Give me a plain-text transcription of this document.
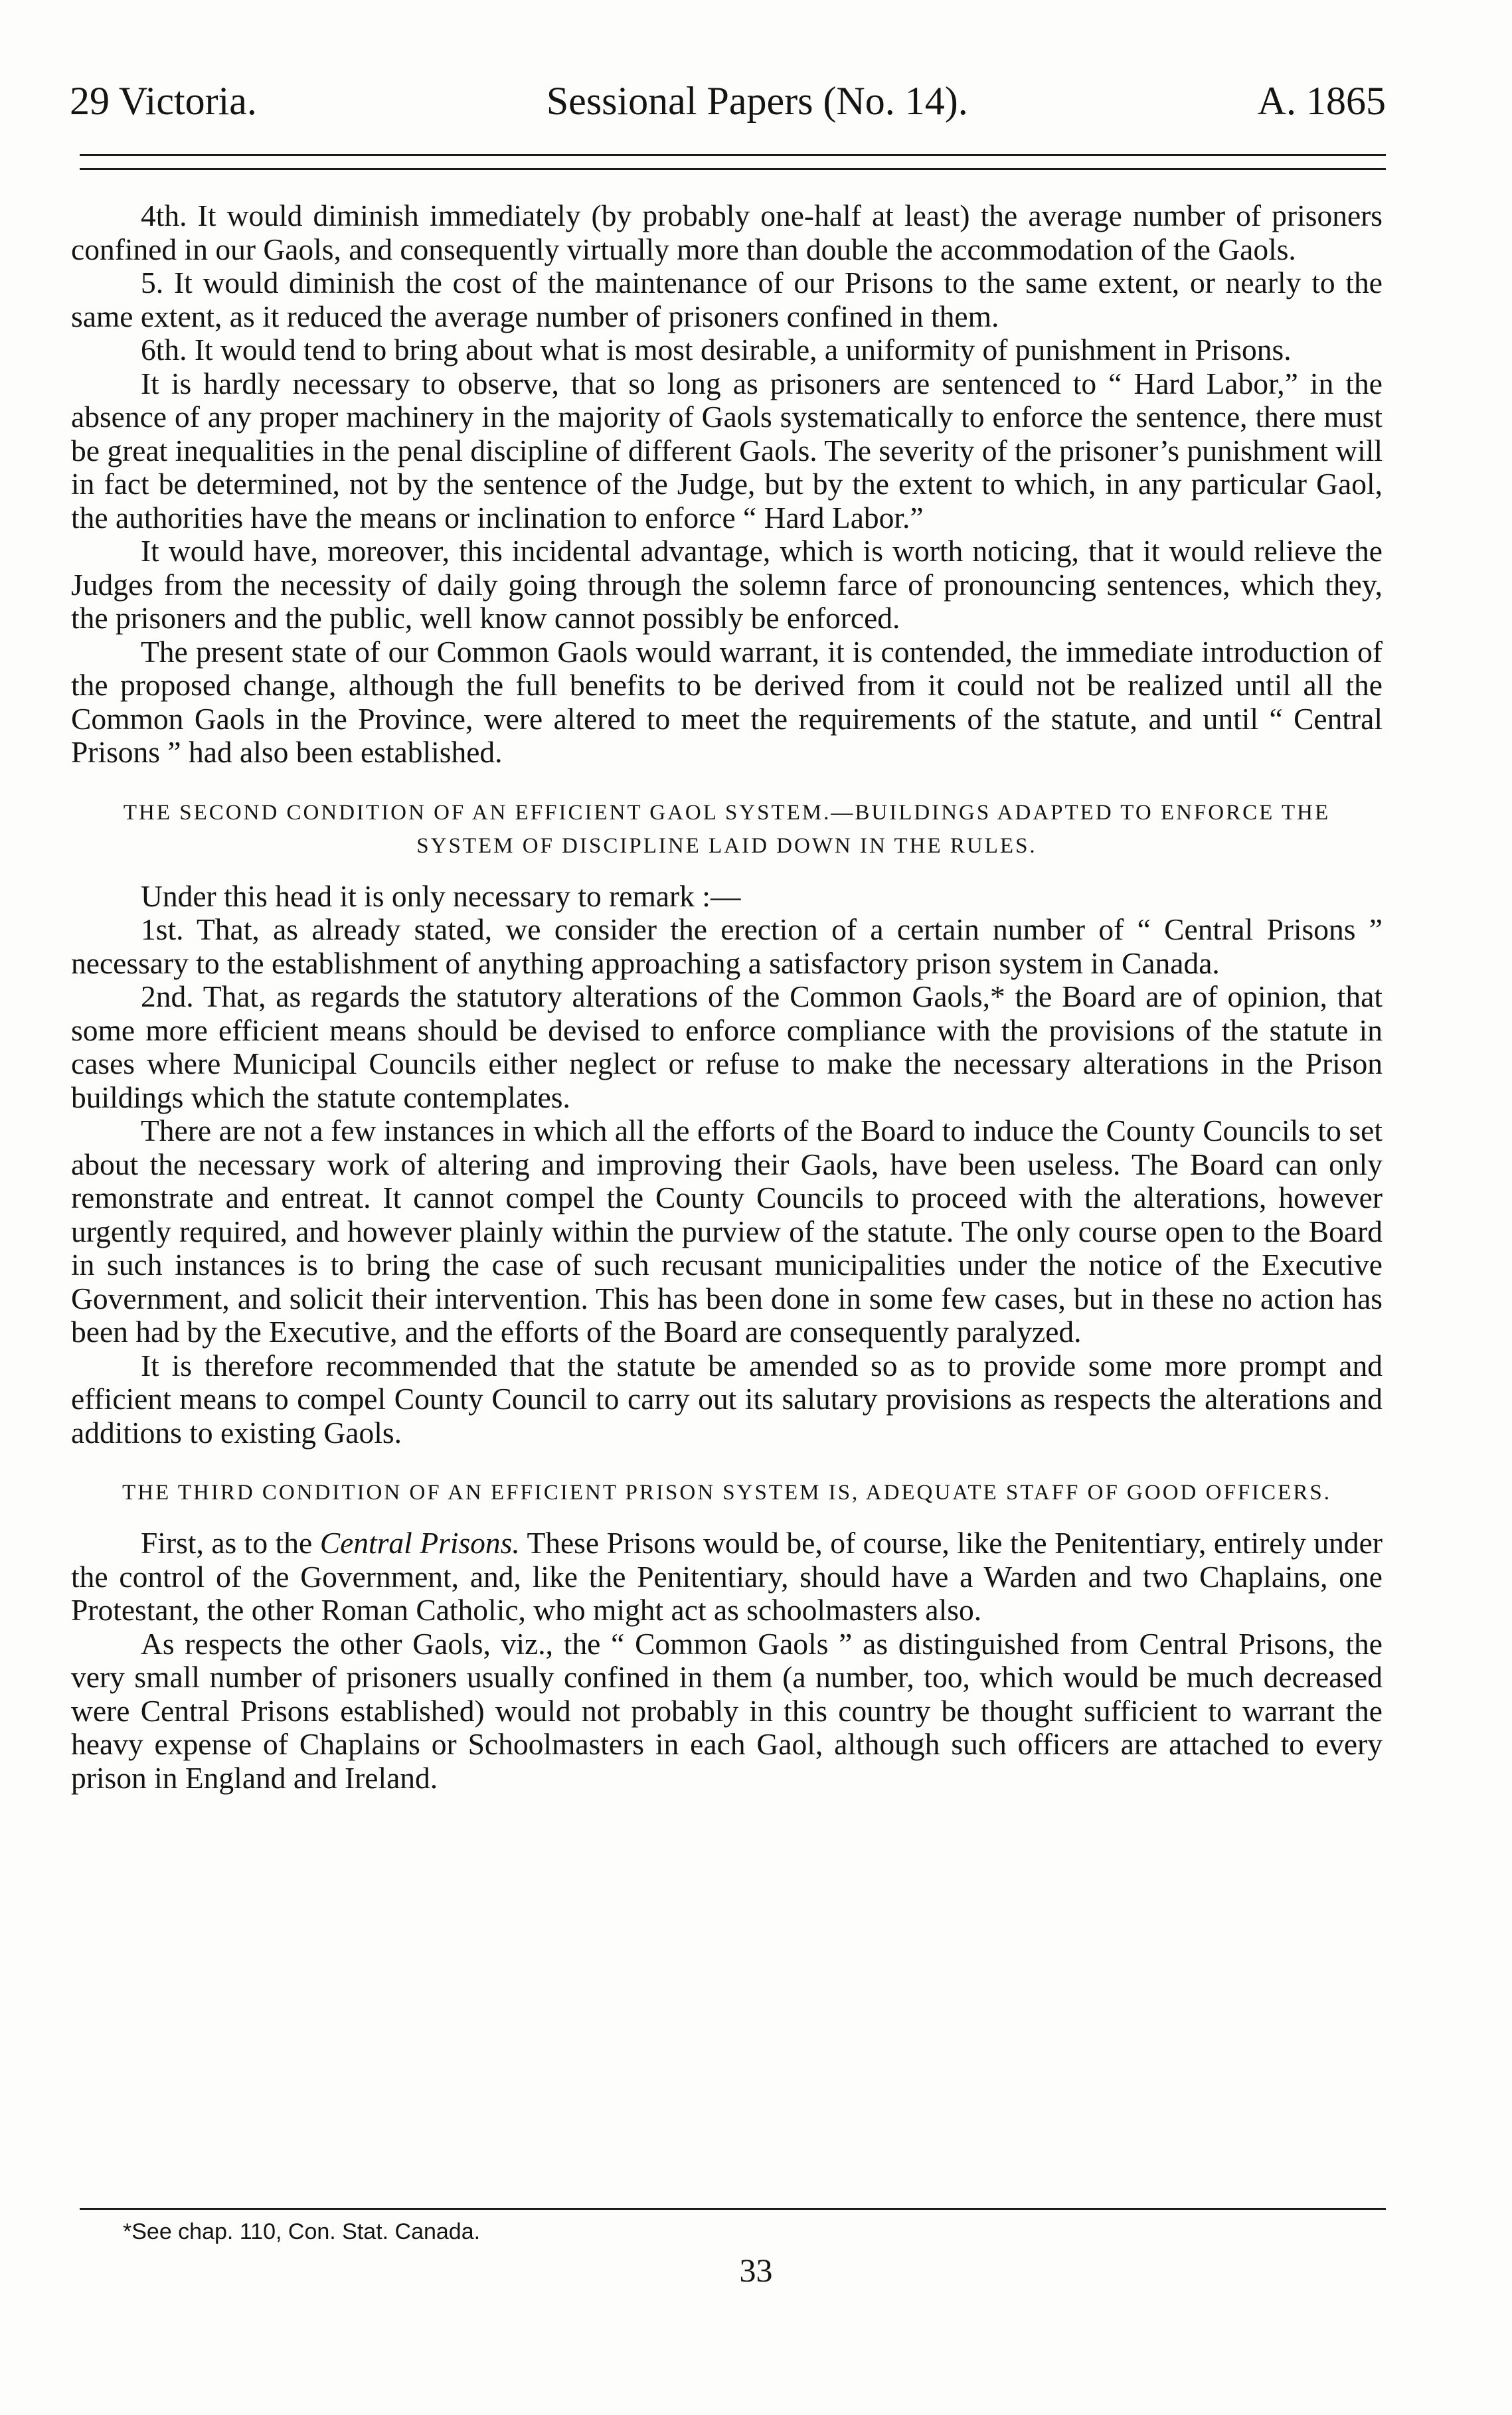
29 Victoria.	Sessional Papers (No. 14).	A. 1865

4th. It would diminish immediately (by probably one-half at least) the average number of prisoners confined in our Gaols, and consequently virtually more than double the accommodation of the Gaols.

5. It would diminish the cost of the maintenance of our Prisons to the same extent, or nearly to the same extent, as it reduced the average number of prisoners confined in them.

6th. It would tend to bring about what is most desirable, a uniformity of punishment in Prisons.

It is hardly necessary to observe, that so long as prisoners are sentenced to “ Hard Labor,” in the absence of any proper machinery in the majority of Gaols systematically to enforce the sentence, there must be great inequalities in the penal discipline of different Gaols. The severity of the prisoner’s punishment will in fact be determined, not by the sentence of the Judge, but by the extent to which, in any particular Gaol, the authorities have the means or inclination to enforce “ Hard Labor.”

It would have, moreover, this incidental advantage, which is worth noticing, that it would relieve the Judges from the necessity of daily going through the solemn farce of pronouncing sentences, which they, the prisoners and the public, well know cannot possibly be enforced.

The present state of our Common Gaols would warrant, it is contended, the immediate introduction of the proposed change, although the full benefits to be derived from it could not be realized until all the Common Gaols in the Province, were altered to meet the requirements of the statute, and until “ Central Prisons ” had also been established.

THE SECOND CONDITION OF AN EFFICIENT GAOL SYSTEM.—BUILDINGS ADAPTED TO ENFORCE THE SYSTEM OF DISCIPLINE LAID DOWN IN THE RULES.

Under this head it is only necessary to remark :—

1st. That, as already stated, we consider the erection of a certain number of “ Central Prisons ” necessary to the establishment of anything approaching a satisfactory prison system in Canada.

2nd. That, as regards the statutory alterations of the Common Gaols,* the Board are of opinion, that some more efficient means should be devised to enforce compliance with the provisions of the statute in cases where Municipal Councils either neglect or refuse to make the necessary alterations in the Prison buildings which the statute contemplates.

There are not a few instances in which all the efforts of the Board to induce the County Councils to set about the necessary work of altering and improving their Gaols, have been useless. The Board can only remonstrate and entreat. It cannot compel the County Councils to proceed with the alterations, however urgently required, and however plainly within the purview of the statute. The only course open to the Board in such instances is to bring the case of such recusant municipalities under the notice of the Executive Government, and solicit their intervention. This has been done in some few cases, but in these no action has been had by the Executive, and the efforts of the Board are consequently paralyzed.

It is therefore recommended that the statute be amended so as to provide some more prompt and efficient means to compel County Council to carry out its salutary provisions as respects the alterations and additions to existing Gaols.

THE THIRD CONDITION OF AN EFFICIENT PRISON SYSTEM IS, ADEQUATE STAFF OF GOOD OFFICERS.

First, as to the Central Prisons. These Prisons would be, of course, like the Penitentiary, entirely under the control of the Government, and, like the Penitentiary, should have a Warden and two Chaplains, one Protestant, the other Roman Catholic, who might act as schoolmasters also.

As respects the other Gaols, viz., the “ Common Gaols ” as distinguished from Central Prisons, the very small number of prisoners usually confined in them (a number, too, which would be much decreased were Central Prisons established) would not probably in this country be thought sufficient to warrant the heavy expense of Chaplains or Schoolmasters in each Gaol, although such officers are attached to every prison in England and Ireland.

*See chap. 110, Con. Stat. Canada.
33
